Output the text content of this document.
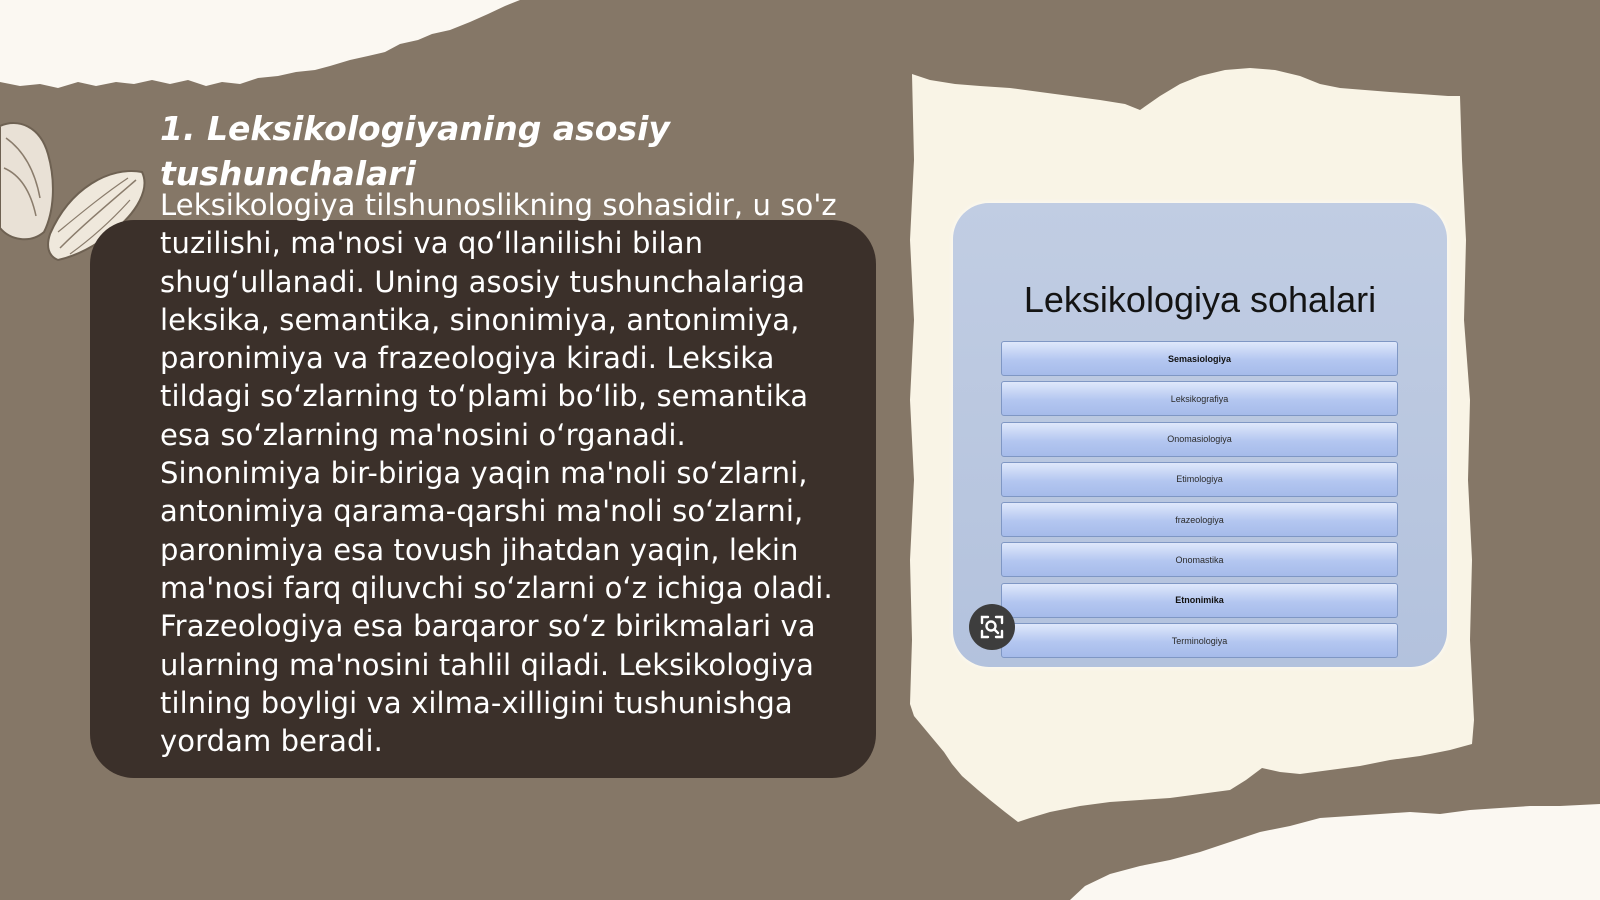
1. Leksikologiyaning asosiy tushunchalari

Leksikologiya tilshunoslikning sohasidir, u so'z tuzilishi, ma'nosi va qo‘llanilishi bilan shug‘ullanadi. Uning asosiy tushunchalariga leksika, semantika, sinonimiya, antonimiya, paronimiya va frazeologiya kiradi. Leksika tildagi so‘zlarning to‘plami bo‘lib, semantika esa so‘zlarning ma'nosini o‘rganadi. Sinonimiya bir-biriga yaqin ma'noli so‘zlarni, antonimiya qarama-qarshi ma'noli so‘zlarni, paronimiya esa tovush jihatdan yaqin, lekin ma'nosi farq qiluvchi so‘zlarni o‘z ichiga oladi. Frazeologiya esa barqaror so‘z birikmalari va ularning ma'nosini tahlil qiladi. Leksikologiya tilning boyligi va xilma-xilligini tushunishga yordam beradi.

Leksikologiya sohalari

Semasiologiya
Leksikografiya
Onomasiologiya
Etimologiya
frazeologiya
Onomastika
Etnonimika
Terminologiya
